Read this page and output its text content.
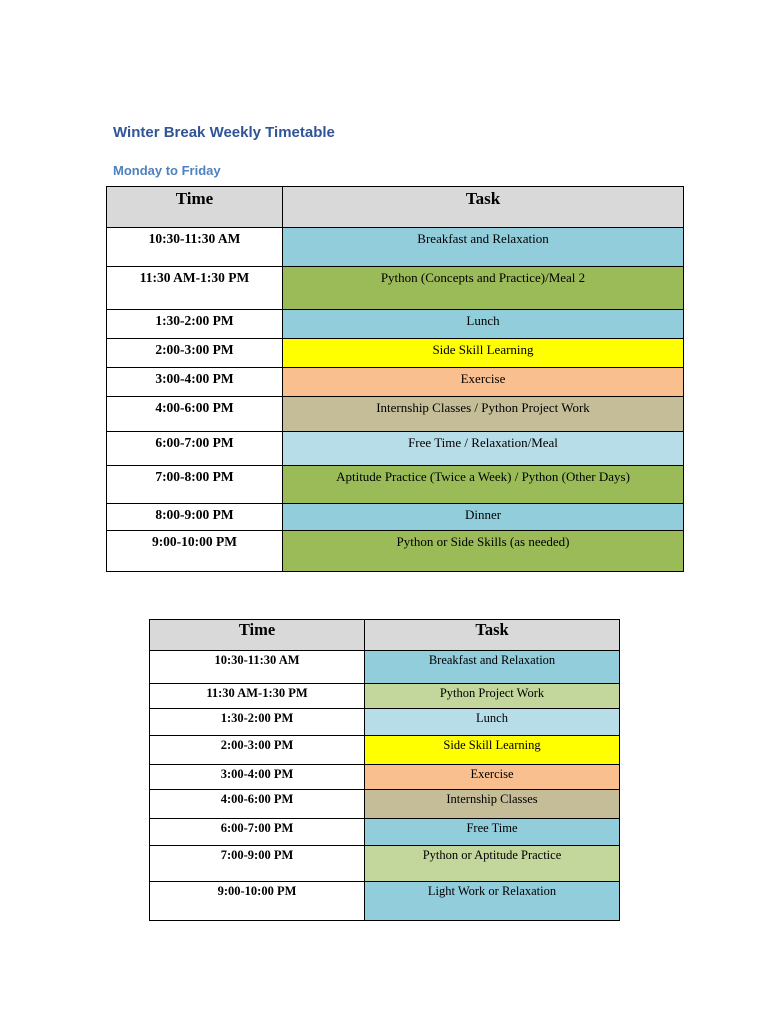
Winter Break Weekly Timetable
Monday to Friday
Time	Task
10:30-11:30 AM	Breakfast and Relaxation
11:30 AM-1:30 PM	Python (Concepts and Practice)/Meal 2
1:30-2:00 PM	Lunch
2:00-3:00 PM	Side Skill Learning
3:00-4:00 PM	Exercise
4:00-6:00 PM	Internship Classes / Python Project Work
6:00-7:00 PM	Free Time / Relaxation/Meal
7:00-8:00 PM	Aptitude Practice (Twice a Week) / Python (Other Days)
8:00-9:00 PM	Dinner
9:00-10:00 PM	Python or Side Skills (as needed)
Time	Task
10:30-11:30 AM	Breakfast and Relaxation
11:30 AM-1:30 PM	Python Project Work
1:30-2:00 PM	Lunch
2:00-3:00 PM	Side Skill Learning
3:00-4:00 PM	Exercise
4:00-6:00 PM	Internship Classes
6:00-7:00 PM	Free Time
7:00-9:00 PM	Python or Aptitude Practice
9:00-10:00 PM	Light Work or Relaxation
